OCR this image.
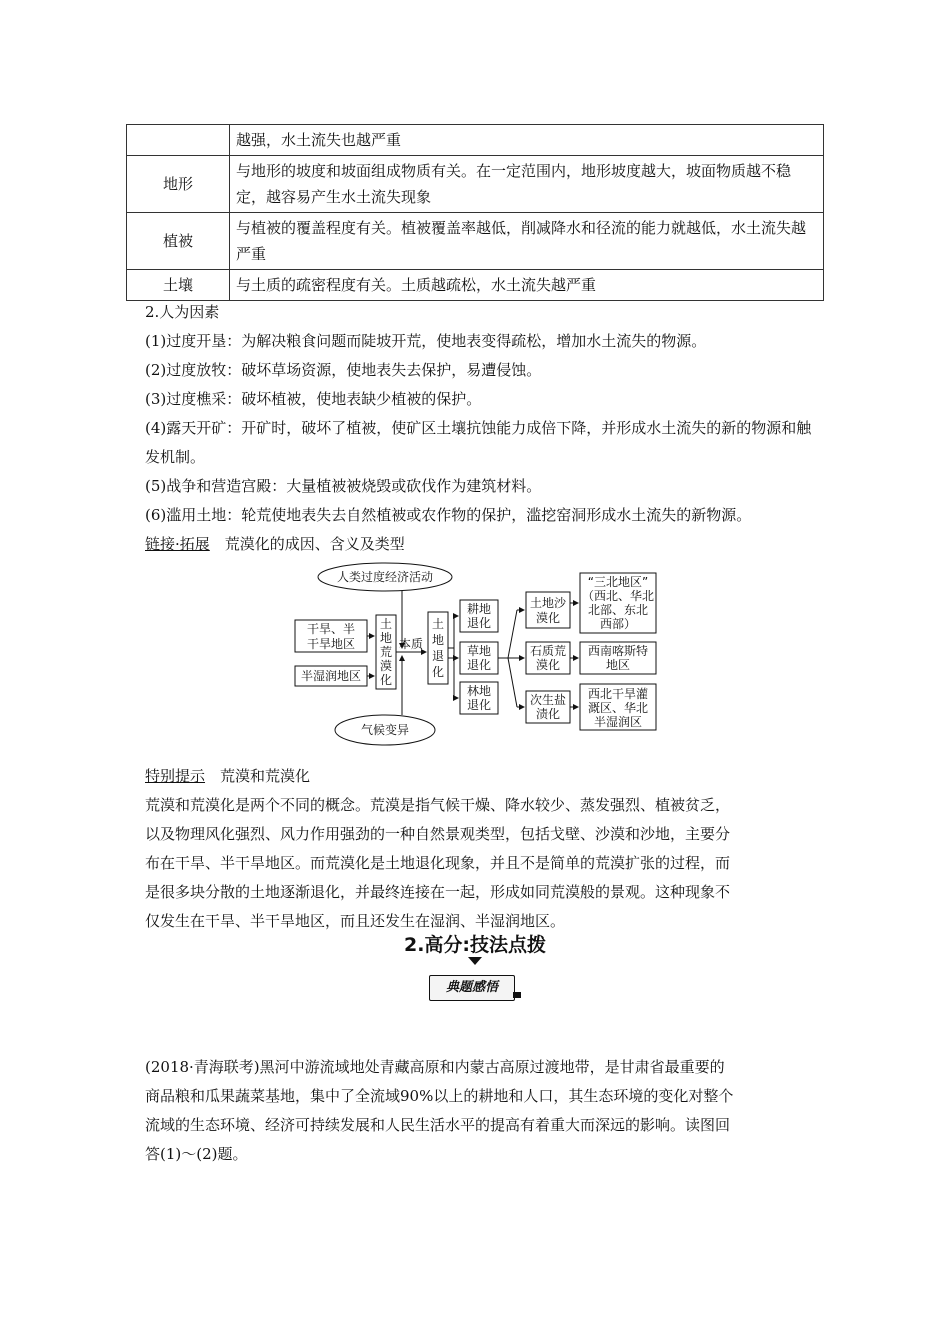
	越强，水土流失也越严重
地形	与地形的坡度和坡面组成物质有关。在一定范围内，地形坡度越大，坡面物质越不稳定，越容易产生水土流失现象
植被	与植被的覆盖程度有关。植被覆盖率越低，削减降水和径流的能力就越低，水土流失越严重
土壤	与土质的疏密程度有关。土质越疏松，水土流失越严重

2.人为因素

(1)过度开垦：为解决粮食问题而陡坡开荒，使地表变得疏松，增加水土流失的物源。

(2)过度放牧：破坏草场资源，使地表失去保护，易遭侵蚀。

(3)过度樵采：破坏植被，使地表缺少植被的保护。

(4)露天开矿：开矿时，破坏了植被，使矿区土壤抗蚀能力成倍下降，并形成水土流失的新的物源和触发机制。

(5)战争和营造宫殿：大量植被被烧毁或砍伐作为建筑材料。

(6)滥用土地：轮荒使地表失去自然植被或农作物的保护，滥挖窑洞形成水土流失的新物源。

链接·拓展　 荒漠化的成因、含义及类型

人类过度经济活动
气候变异
干旱、半
干旱地区
半湿润地区
土
地
荒
漠
化
本质
土
地
退
化
耕地
退化
草地
退化
林地
退化
土地沙
漠化
石质荒
漠化
次生盐
渍化
“三北地区”
（西北、华北
北部、东北
西部）
西南喀斯特
地区
西北干旱灌
溉区、华北
半湿润区

特别提示　 荒漠和荒漠化

荒漠和荒漠化是两个不同的概念。荒漠是指气候干燥、降水较少、蒸发强烈、植被贫乏，

以及物理风化强烈、风力作用强劲的一种自然景观类型，包括戈壁、沙漠和沙地，主要分

布在干旱、半干旱地区。而荒漠化是土地退化现象，并且不是简单的荒漠扩张的过程，而

是很多块分散的土地逐渐退化，并最终连接在一起，形成如同荒漠般的景观。这种现象不

仅发生在干旱、半干旱地区，而且还发生在湿润、半湿润地区。

2.高分:技法点拨
典题感悟

(2018·青海联考)黑河中游流域地处青藏高原和内蒙古高原过渡地带，是甘肃省最重要的

商品粮和瓜果蔬菜基地，集中了全流域90%以上的耕地和人口，其生态环境的变化对整个

流域的生态环境、经济可持续发展和人民生活水平的提高有着重大而深远的影响。读图回

答(1)～(2)题。
